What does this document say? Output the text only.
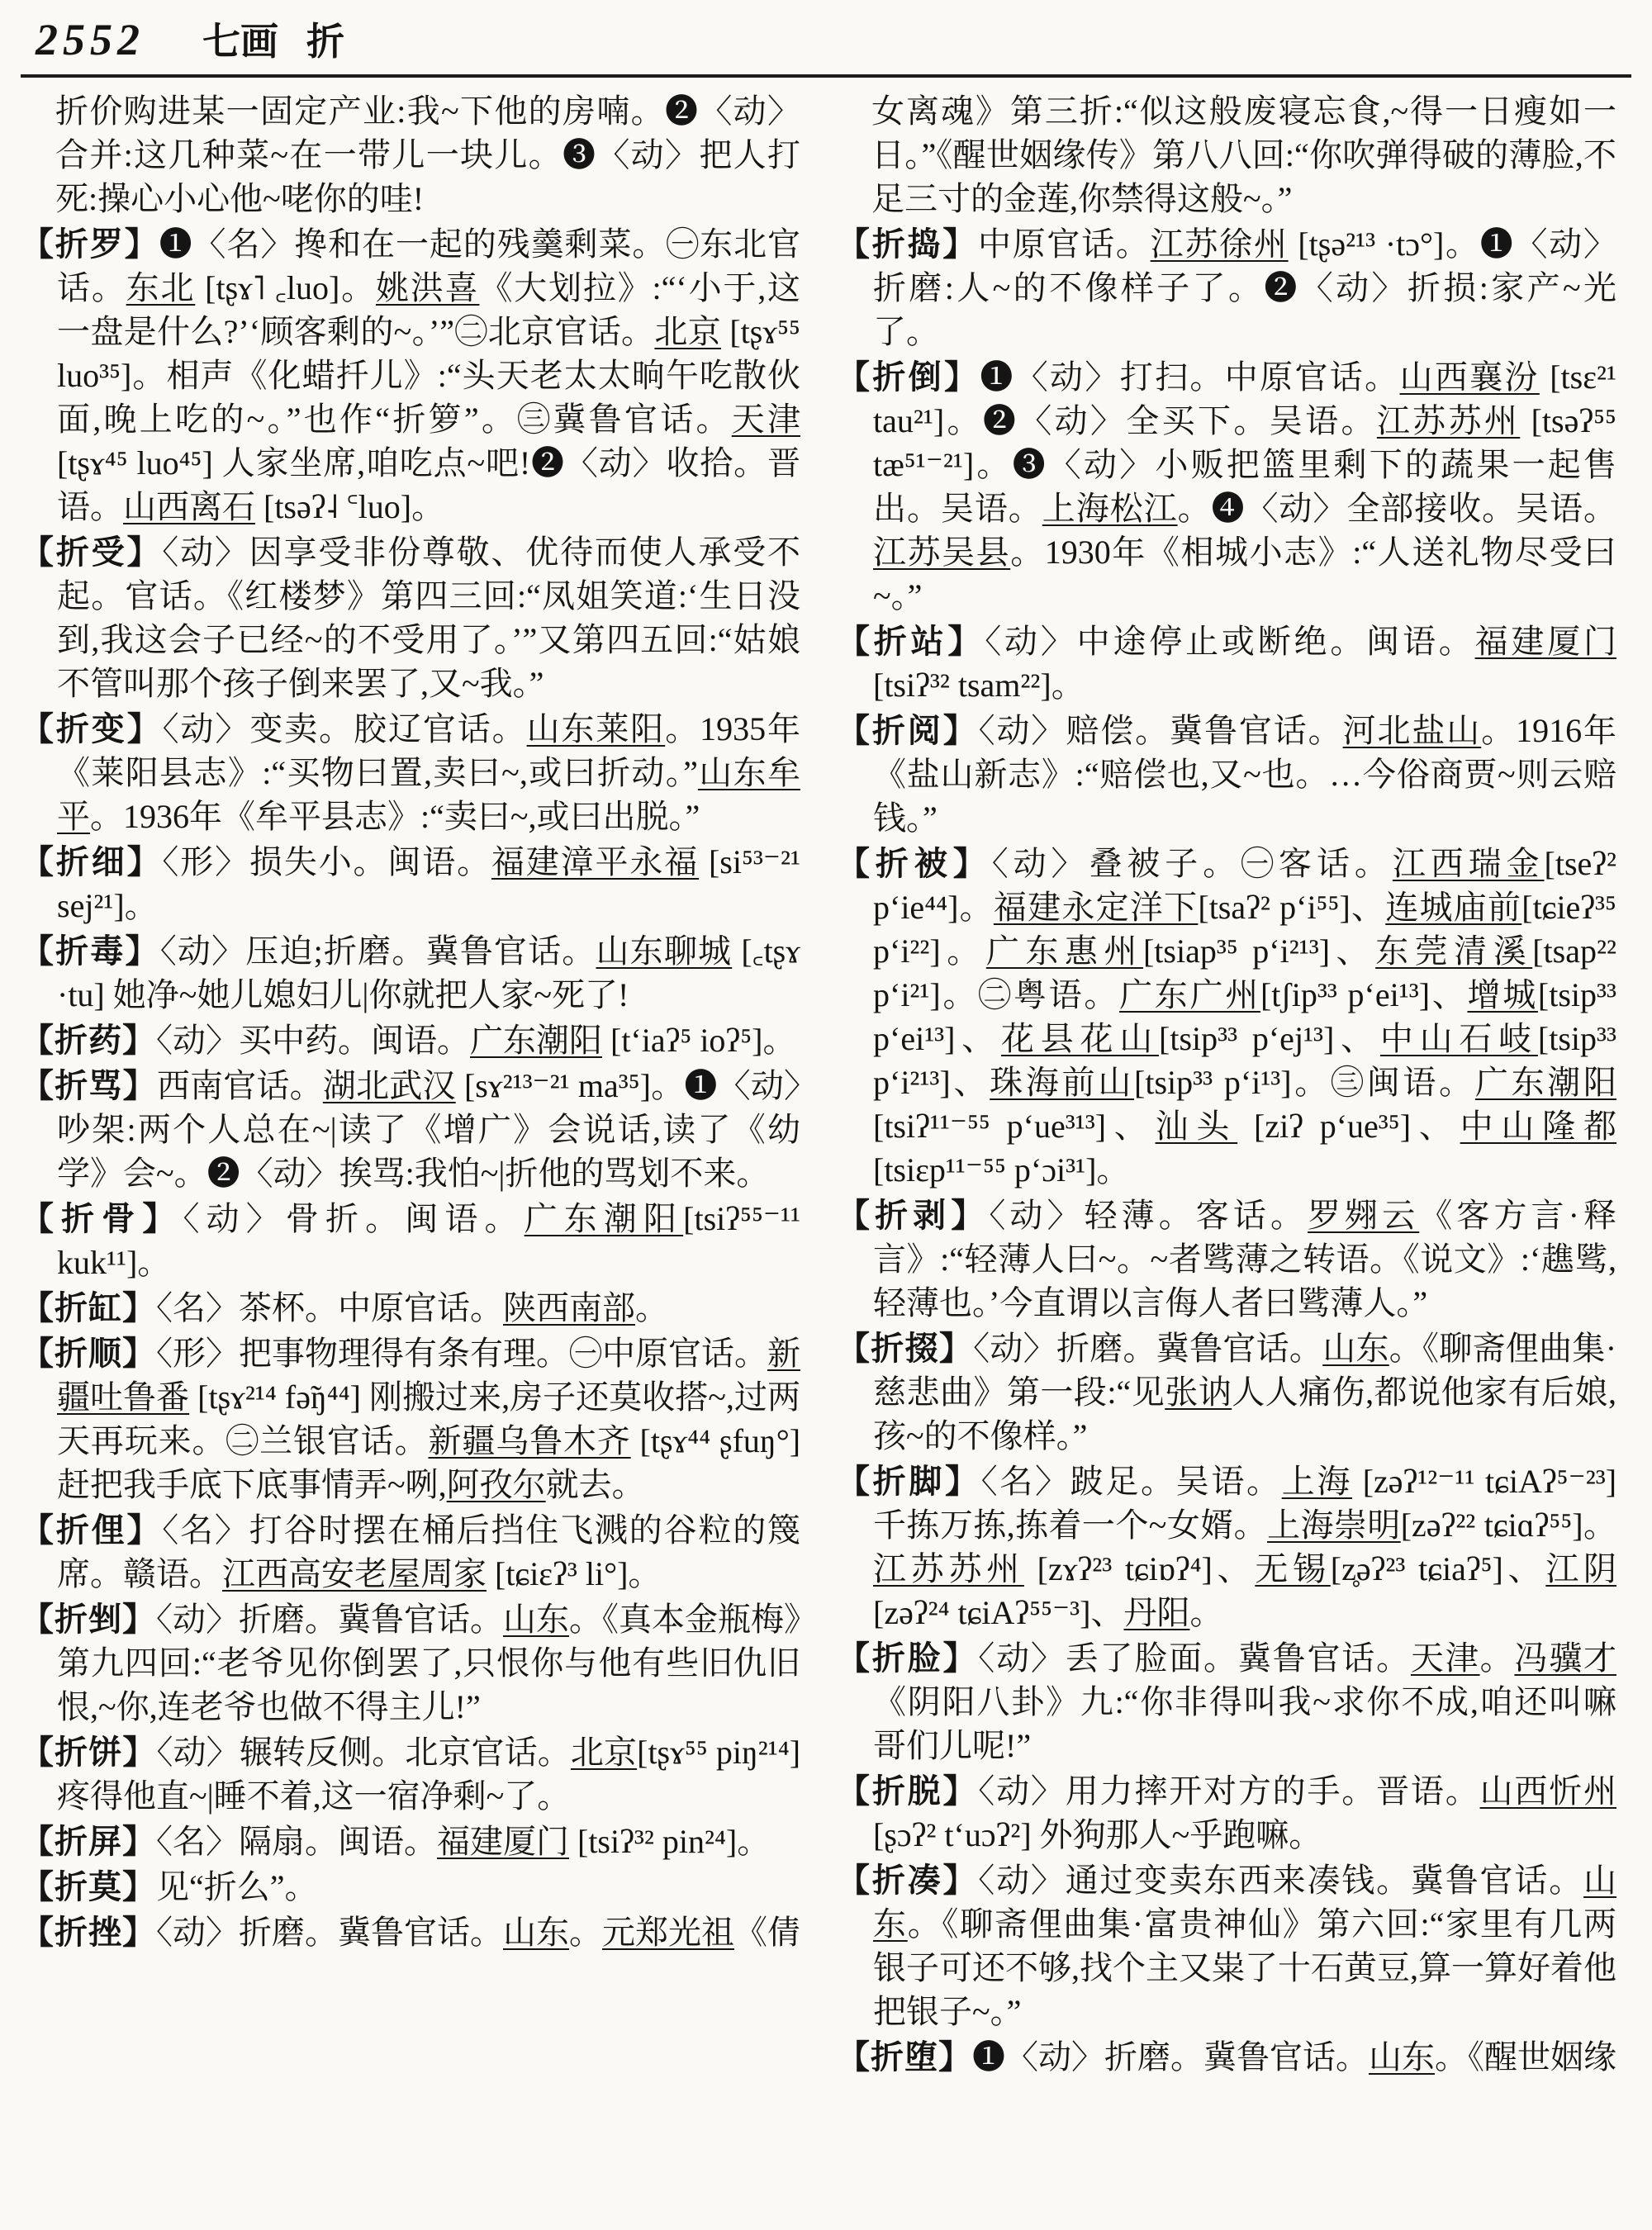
2552 七画 折

折价购进某一固定产业:我~下他的房喃。❷〈动〉合并:这几种菜~在一带儿一块儿。❸〈动〉把人打死:操心小心他~咾你的哇!

【折罗】❶〈名〉搀和在一起的残羹剩菜。㊀东北官话。东北 [tʂɤ˥ ꜀luo]。姚洪喜《大划拉》:“‘小于,这一盘是什么?’‘顾客剩的~。’”㊁北京官话。北京 [tʂɤ⁵⁵ luo³⁵]。相声《化蜡扦儿》:“头天老太太晌午吃散伙面,晚上吃的~。”也作“折箩”。㊂冀鲁官话。天津 [tʂɤ⁴⁵ luo⁴⁵] 人家坐席,咱吃点~吧!❷〈动〉收拾。晋语。山西离石 [tsəʔ˨ ꜂luo]。

【折受】〈动〉因享受非份尊敬、优待而使人承受不起。官话。《红楼梦》第四三回:“凤姐笑道:‘生日没到,我这会子已经~的不受用了。’”又第四五回:“姑娘不管叫那个孩子倒来罢了,又~我。”

【折变】〈动〉变卖。胶辽官话。山东莱阳。1935年《莱阳县志》:“买物曰置,卖曰~,或曰折动。”山东牟平。1936年《牟平县志》:“卖曰~,或曰出脱。”

【折细】〈形〉损失小。闽语。福建漳平永福 [si⁵³⁻²¹ sej²¹]。

【折毒】〈动〉压迫;折磨。冀鲁官话。山东聊城 [꜀tʂɤ ·tu] 她净~她儿媳妇儿|你就把人家~死了!

【折药】〈动〉买中药。闽语。广东潮阳 [t‘iaʔ⁵ ioʔ⁵]。

【折骂】西南官话。湖北武汉 [sɤ²¹³⁻²¹ ma³⁵]。❶〈动〉吵架:两个人总在~|读了《增广》会说话,读了《幼学》会~。❷〈动〉挨骂:我怕~|折他的骂划不来。

【折骨】〈动〉骨折。闽语。广东潮阳[tsiʔ⁵⁵⁻¹¹ kuk¹¹]。

【折缸】〈名〉茶杯。中原官话。陕西南部。

【折顺】〈形〉把事物理得有条有理。㊀中原官话。新疆吐鲁番 [tʂɤ²¹⁴ fə̃ŋ⁴⁴] 刚搬过来,房子还莫收搭~,过两天再玩来。㊁兰银官话。新疆乌鲁木齐 [tʂɤ⁴⁴ ʂfuŋ°] 赶把我手底下底事情弄~咧,阿孜尔就去。

【折俚】〈名〉打谷时摆在桶后挡住飞溅的谷粒的篾席。赣语。江西高安老屋周家 [tɕiɛʔ³ li°]。

【折剉】〈动〉折磨。冀鲁官话。山东。《真本金瓶梅》第九四回:“老爷见你倒罢了,只恨你与他有些旧仇旧恨,~你,连老爷也做不得主儿!”

【折饼】〈动〉辗转反侧。北京官话。北京[tʂɤ⁵⁵ piŋ²¹⁴] 疼得他直~|睡不着,这一宿净剩~了。

【折屏】〈名〉隔扇。闽语。福建厦门 [tsiʔ³² pin²⁴]。

【折莫】见“折么”。

【折挫】〈动〉折磨。冀鲁官话。山东。元郑光祖《倩

女离魂》第三折:“似这般废寝忘食,~得一日瘦如一日。”《醒世姻缘传》第八八回:“你吹弹得破的薄脸,不足三寸的金莲,你禁得这般~。”

【折捣】中原官话。江苏徐州 [tʂə²¹³ ·tɔ°]。❶〈动〉折磨:人~的不像样子了。❷〈动〉折损:家产~光了。

【折倒】❶〈动〉打扫。中原官话。山西襄汾 [tsɛ²¹ tau²¹]。❷〈动〉全买下。吴语。江苏苏州 [tsəʔ⁵⁵ tæ⁵¹⁻²¹]。❸〈动〉小贩把篮里剩下的蔬果一起售出。吴语。上海松江。❹〈动〉全部接收。吴语。江苏吴县。1930年《相城小志》:“人送礼物尽受曰~。”

【折站】〈动〉中途停止或断绝。闽语。福建厦门 [tsiʔ³² tsam²²]。

【折阅】〈动〉赔偿。冀鲁官话。河北盐山。1916年《盐山新志》:“赔偿也,又~也。…今俗商贾~则云赔钱。”

【折被】〈动〉叠被子。㊀客话。江西瑞金[tseʔ² p‘ie⁴⁴]。福建永定洋下[tsaʔ² p‘i⁵⁵]、连城庙前[tɕieʔ³⁵ p‘i²²]。广东惠州[tsiap³⁵ p‘i²¹³]、东莞清溪[tsap²² p‘i²¹]。㊁粤语。广东广州[tʃip³³ p‘ei¹³]、增城[tsip³³ p‘ei¹³]、花县花山[tsip³³ p‘ej¹³]、中山石岐[tsip³³ p‘i²¹³]、珠海前山[tsip³³ p‘i¹³]。㊂闽语。广东潮阳[tsiʔ¹¹⁻⁵⁵ p‘ue³¹³]、汕头 [ziʔ p‘ue³⁵]、中山隆都 [tsiɛp¹¹⁻⁵⁵ p‘ɔi³¹]。

【折剥】〈动〉轻薄。客话。罗翙云《客方言·释言》:“轻薄人曰~。~者骘薄之转语。《说文》:‘趭骘,轻薄也。’今直谓以言侮人者曰骘薄人。”

【折掇】〈动〉折磨。冀鲁官话。山东。《聊斋俚曲集·慈悲曲》第一段:“见张讷人人痛伤,都说他家有后娘,孩~的不像样。”

【折脚】〈名〉跛足。吴语。上海 [zəʔ¹²⁻¹¹ tɕiAʔ⁵⁻²³] 千拣万拣,拣着一个~女婿。上海崇明[zəʔ²² tɕiɑʔ⁵⁵]。江苏苏州 [zɤʔ²³ tɕiɒʔ⁴]、无锡[z̥əʔ²³ tɕiaʔ⁵]、江阴[zəʔ²⁴ tɕiAʔ⁵⁵⁻³]、丹阳。

【折脸】〈动〉丢了脸面。冀鲁官话。天津。冯骥才《阴阳八卦》九:“你非得叫我~求你不成,咱还叫嘛哥们儿呢!”

【折脱】〈动〉用力摔开对方的手。晋语。山西忻州 [ʂɔʔ² t‘uɔʔ²] 外狗那人~乎跑嘛。

【折凑】〈动〉通过变卖东西来凑钱。冀鲁官话。山东。《聊斋俚曲集·富贵神仙》第六回:“家里有几两银子可还不够,找个主又粜了十石黄豆,算一算好着他把银子~。”

【折堕】❶〈动〉折磨。冀鲁官话。山东。《醒世姻缘
